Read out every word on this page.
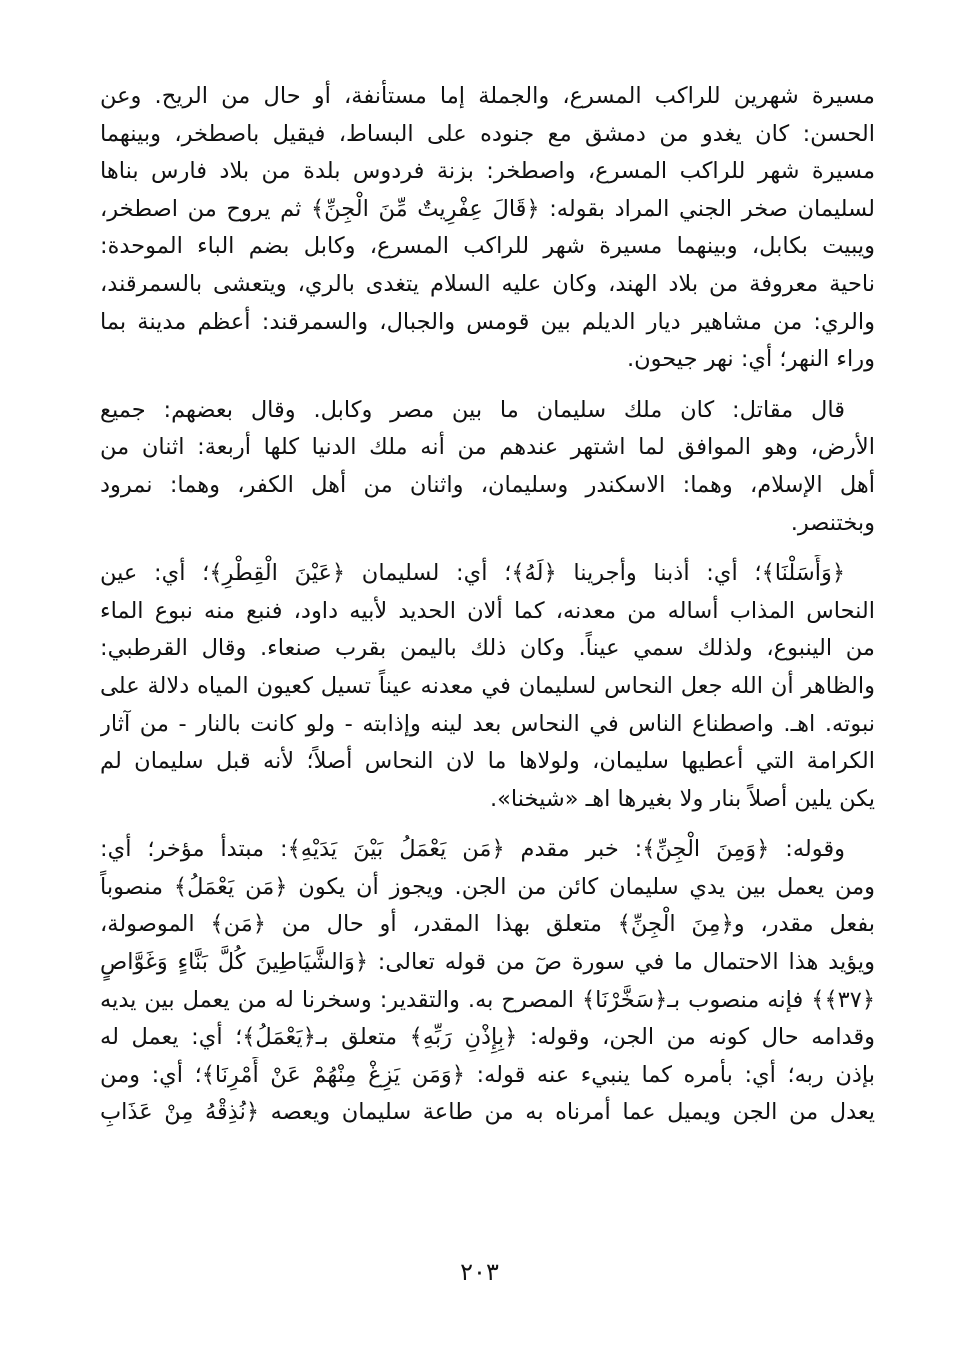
مسيرة شهرين للراكب المسرع، والجملة إما مستأنفة، أو حال من الريح. وعن
الحسن: كان يغدو من دمشق مع جنوده على البساط، فيقيل باصطخر، وبينهما
مسيرة شهر للراكب المسرع، واصطخر: بزنة فردوس بلدة من بلاد فارس بناها
لسليمان صخر الجني المراد بقوله: ﴿قَالَ عِفْرِيتٌ مِّنَ الْجِنِّ﴾ ثم يروح من اصطخر،
ويبيت بكابل، وبينهما مسيرة شهر للراكب المسرع، وكابل بضم الباء الموحدة:
ناحية معروفة من بلاد الهند، وكان عليه السلام يتغدى بالري، ويتعشى بالسمرقند،
والري: من مشاهير ديار الديلم بين قومس والجبال، والسمرقند: أعظم مدينة بما
وراء النهر؛ أي: نهر جيحون.
قال مقاتل: كان ملك سليمان ما بين مصر وكابل. وقال بعضهم: جميع
الأرض، وهو الموافق لما اشتهر عندهم من أنه ملك الدنيا كلها أربعة: اثنان من
أهل الإسلام، وهما: الاسكندر وسليمان، واثنان من أهل الكفر، وهما: نمرود
وبختنصر.
﴿وَأَسَلْنَا﴾؛ أي: أذبنا وأجرينا ﴿لَهُ﴾؛ أي: لسليمان ﴿عَيْنَ الْقِطْرِ﴾؛ أي: عين
النحاس المذاب أساله من معدنه، كما ألان الحديد لأبيه داود، فنبع منه نبوع الماء
من الينبوع، ولذلك سمي عيناً. وكان ذلك باليمن بقرب صنعاء. وقال القرطبي:
والظاهر أن الله جعل النحاس لسليمان في معدنه عيناً تسيل كعيون المياه دلالة على
نبوته. اهـ. واصطناع الناس في النحاس بعد لينه وإذابته - ولو كانت بالنار - من آثار
الكرامة التي أعطيها سليمان، ولولاها ما لان النحاس أصلاً؛ لأنه قبل سليمان لم
يكن يلين أصلاً بنار ولا بغيرها اهـ «شيخنا».
وقوله: ﴿وَمِنَ الْجِنِّ﴾: خبر مقدم ﴿مَن يَعْمَلُ بَيْنَ يَدَيْهِ﴾: مبتدأ مؤخر؛ أي:
ومن يعمل بين يدي سليمان كائن من الجن. ويجوز أن يكون ﴿مَن يَعْمَلُ﴾ منصوباً
بفعل مقدر، و﴿مِنَ الْجِنِّ﴾ متعلق بهذا المقدر، أو حال من ﴿مَن﴾ الموصولة،
ويؤيد هذا الاحتمال ما في سورة صٓ من قوله تعالى: ﴿وَالشَّيَاطِينَ كُلَّ بَنَّاءٍ وَغَوَّاصٍ
﴿٣٧﴾﴾ فإنه منصوب بـ﴿سَخَّرْنَا﴾ المصرح به. والتقدير: وسخرنا له من يعمل بين يديه
وقدامه حال كونه من الجن، وقوله: ﴿بِإِذْنِ رَبِّهِ﴾ متعلق بـ﴿يَعْمَلُ﴾؛ أي: يعمل له
بإذن ربه؛ أي: بأمره كما ينبيء عنه قوله: ﴿وَمَن يَزِغْ مِنْهُمْ عَنْ أَمْرِنَا﴾؛ أي: ومن
يعدل من الجن ويميل عما أمرناه به من طاعة سليمان ويعصه ﴿نُذِقْهُ مِنْ عَذَابِ
٢٠٣
